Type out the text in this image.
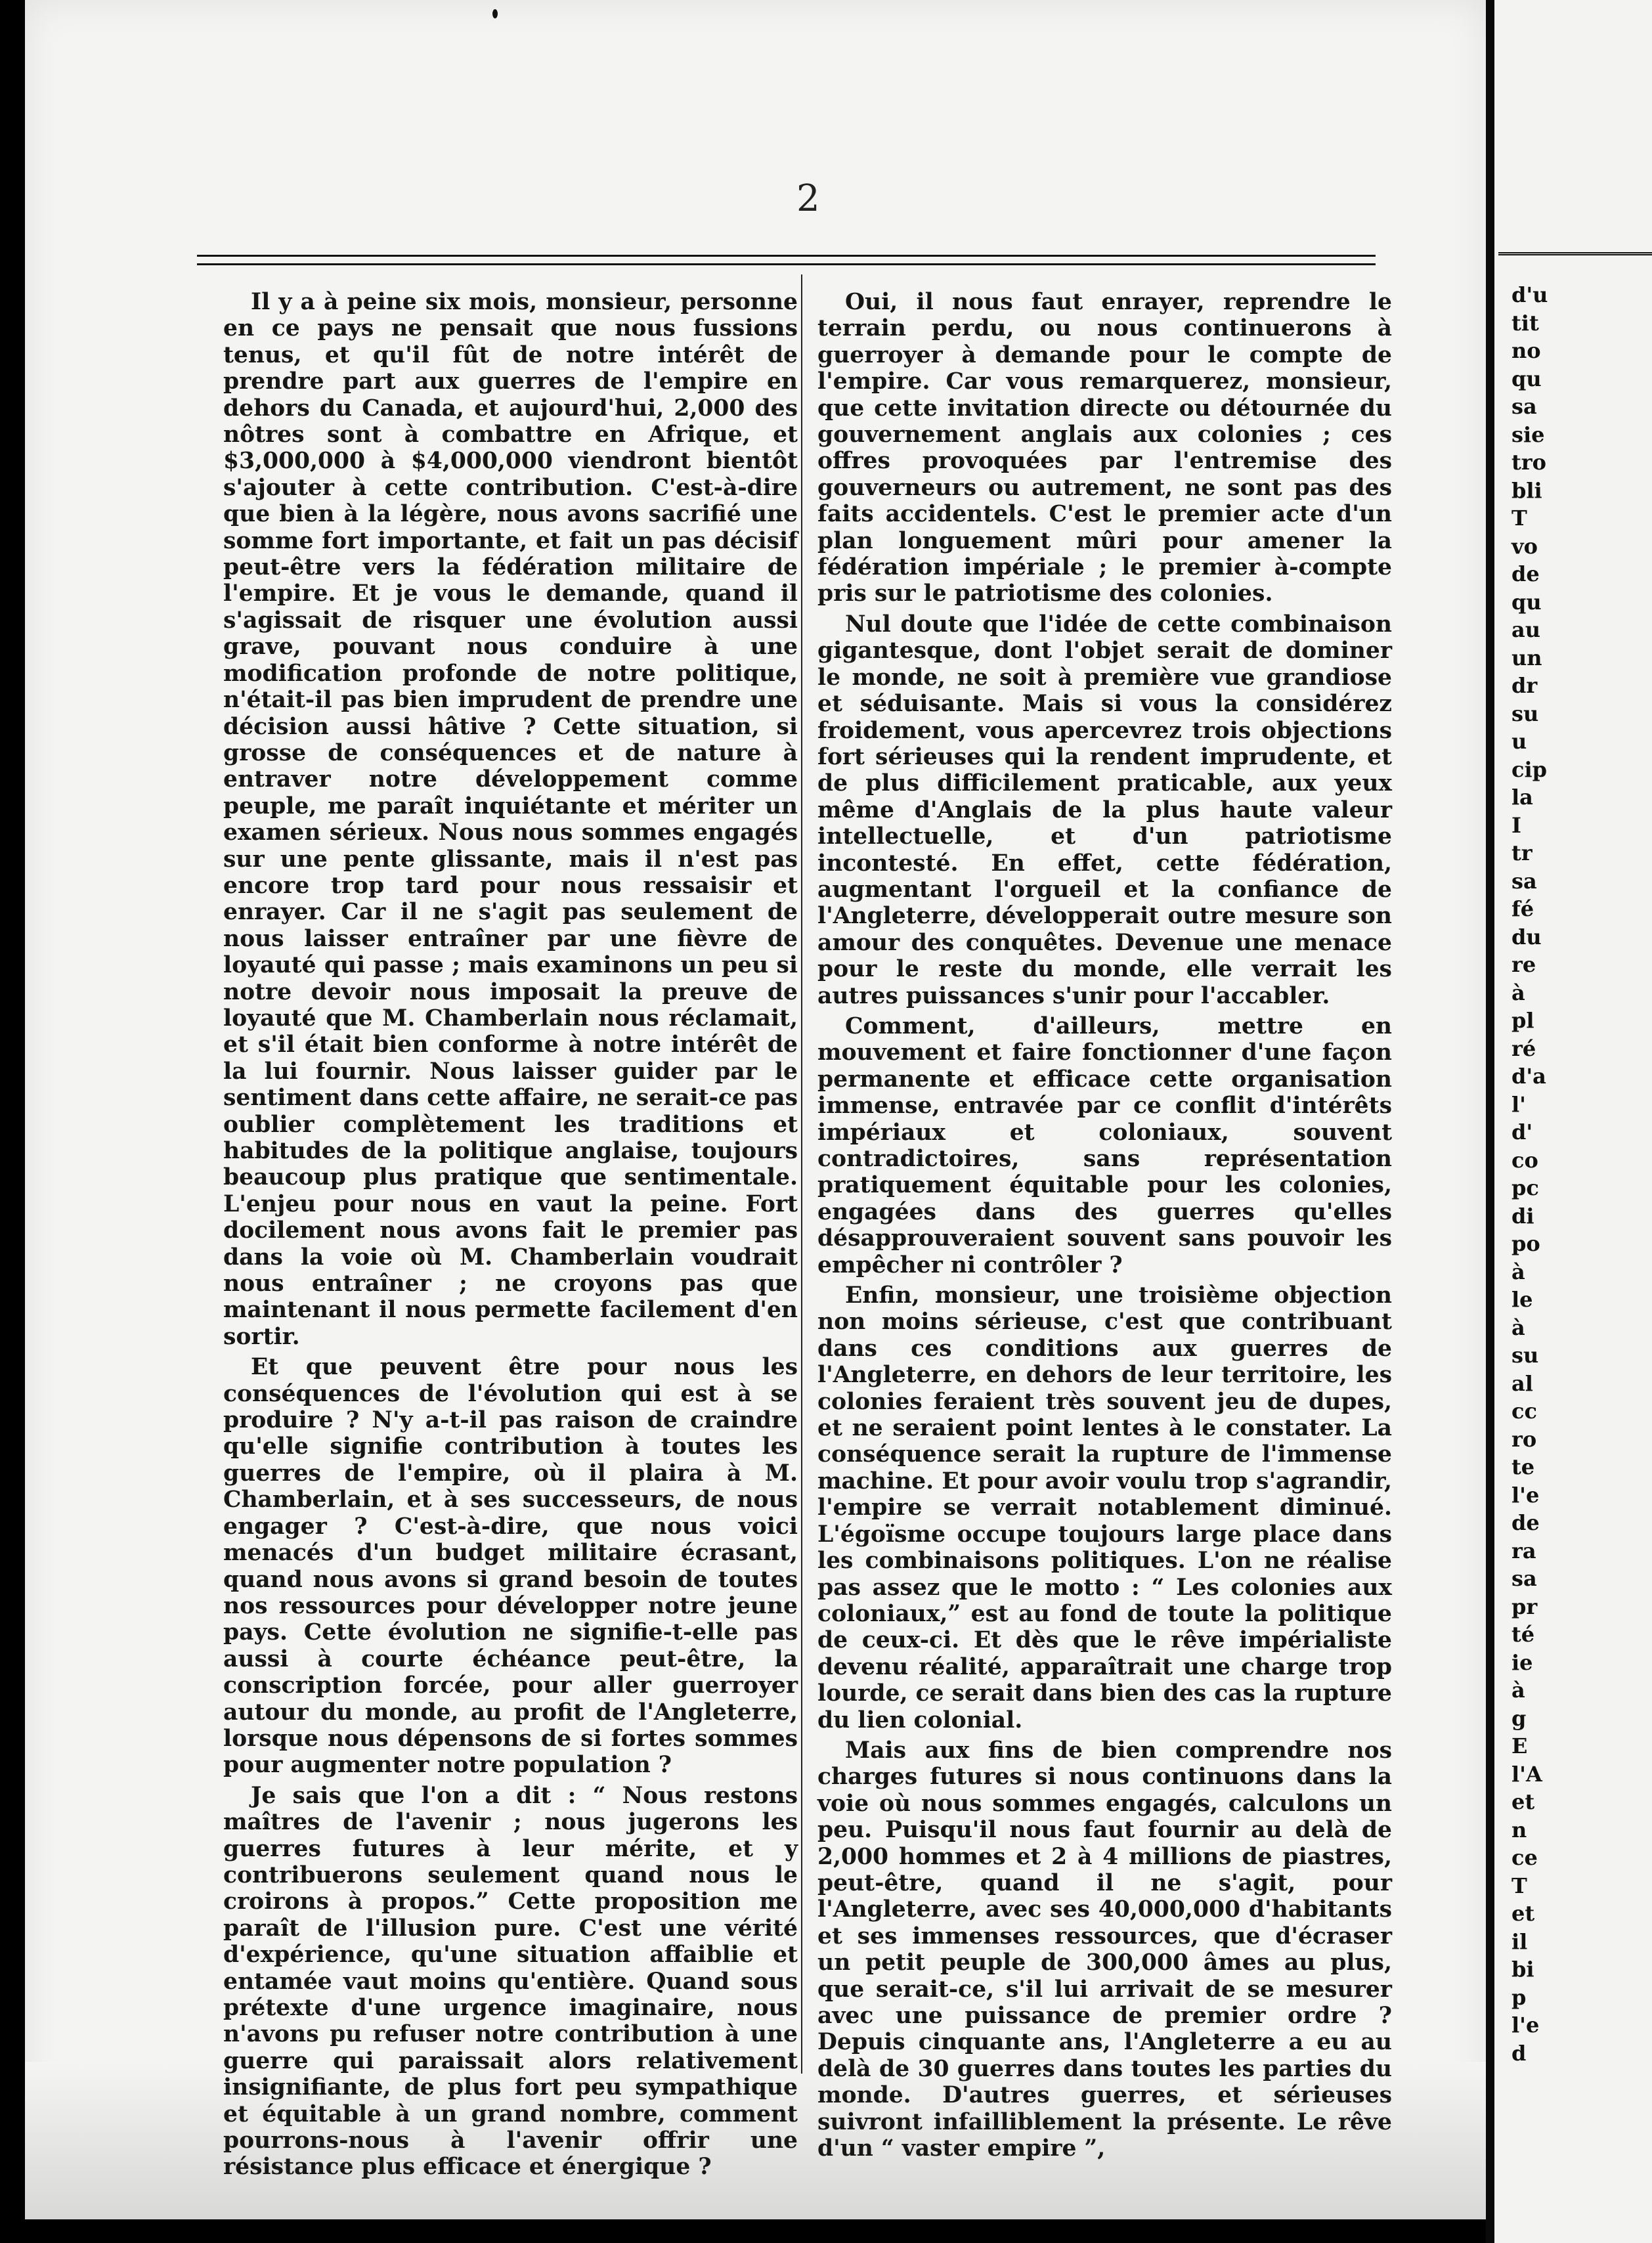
2

Il y a à peine six mois, monsieur, personne en ce pays ne pensait que nous fussions tenus, et qu'il fût de notre intérêt de prendre part aux guerres de l'empire en dehors du Canada, et aujourd'hui, 2,000 des nôtres sont à combattre en Afrique, et $3,000,000 à $4,000,000 viendront bientôt s'ajouter à cette contribution. C'est-à-dire que bien à la légère, nous avons sacrifié une somme fort importante, et fait un pas décisif peut-être vers la fédération militaire de l'empire. Et je vous le demande, quand il s'agissait de risquer une évolution aussi grave, pouvant nous conduire à une modification profonde de notre politique, n'était-il pas bien imprudent de prendre une décision aussi hâtive ? Cette situation, si grosse de conséquences et de nature à entraver notre développement comme peuple, me paraît inquiétante et mériter un examen sérieux. Nous nous sommes engagés sur une pente glissante, mais il n'est pas encore trop tard pour nous ressaisir et enrayer. Car il ne s'agit pas seulement de nous laisser entraîner par une fièvre de loyauté qui passe ; mais examinons un peu si notre devoir nous imposait la preuve de loyauté que M. Chamberlain nous réclamait, et s'il était bien conforme à notre intérêt de la lui fournir. Nous laisser guider par le sentiment dans cette affaire, ne serait-ce pas oublier complètement les traditions et habitudes de la politique anglaise, toujours beaucoup plus pratique que sentimentale. L'enjeu pour nous en vaut la peine. Fort docilement nous avons fait le premier pas dans la voie où M. Chamberlain voudrait nous entraîner ; ne croyons pas que maintenant il nous permette facilement d'en sortir.

Et que peuvent être pour nous les conséquences de l'évolution qui est à se produire ? N'y a-t-il pas raison de craindre qu'elle signifie contribution à toutes les guerres de l'empire, où il plaira à M. Chamberlain, et à ses successeurs, de nous engager ? C'est-à-dire, que nous voici menacés d'un budget militaire écrasant, quand nous avons si grand besoin de toutes nos ressources pour développer notre jeune pays. Cette évolution ne signifie-t-elle pas aussi à courte échéance peut-être, la conscription forcée, pour aller guerroyer autour du monde, au profit de l'Angleterre, lorsque nous dépensons de si fortes sommes pour augmenter notre population ?

Je sais que l'on a dit : “ Nous restons maîtres de l'avenir ; nous jugerons les guerres futures à leur mérite, et y contribuerons seulement quand nous le croirons à propos.” Cette proposition me paraît de l'illusion pure. C'est une vérité d'expérience, qu'une situation affaiblie et entamée vaut moins qu'entière. Quand sous prétexte d'une urgence imaginaire, nous n'avons pu refuser notre contribution à une guerre qui paraissait alors relativement insignifiante, de plus fort peu sympathique et équitable à un grand nombre, comment pourrons-nous à l'avenir offrir une résistance plus efficace et énergique ?

Oui, il nous faut enrayer, reprendre le terrain perdu, ou nous continuerons à guerroyer à demande pour le compte de l'empire. Car vous remarquerez, monsieur, que cette invitation directe ou détournée du gouvernement anglais aux colonies ; ces offres provoquées par l'entremise des gouverneurs ou autrement, ne sont pas des faits accidentels. C'est le premier acte d'un plan longuement mûri pour amener la fédération impériale ; le premier à-compte pris sur le patriotisme des colonies.

Nul doute que l'idée de cette combinaison gigantesque, dont l'objet serait de dominer le monde, ne soit à première vue grandiose et séduisante. Mais si vous la considérez froidement, vous apercevrez trois objections fort sérieuses qui la rendent imprudente, et de plus difficilement praticable, aux yeux même d'Anglais de la plus haute valeur intellectuelle, et d'un patriotisme incontesté. En effet, cette fédération, augmentant l'orgueil et la confiance de l'Angleterre, développerait outre mesure son amour des conquêtes. Devenue une menace pour le reste du monde, elle verrait les autres puissances s'unir pour l'accabler.

Comment, d'ailleurs, mettre en mouvement et faire fonctionner d'une façon permanente et efficace cette organisation immense, entravée par ce conflit d'intérêts impériaux et coloniaux, souvent contradictoires, sans représentation pratiquement équitable pour les colonies, engagées dans des guerres qu'elles désapprouveraient souvent sans pouvoir les empêcher ni contrôler ?

Enfin, monsieur, une troisième objection non moins sérieuse, c'est que contribuant dans ces conditions aux guerres de l'Angleterre, en dehors de leur territoire, les colonies feraient très souvent jeu de dupes, et ne seraient point lentes à le constater. La conséquence serait la rupture de l'immense machine. Et pour avoir voulu trop s'agrandir, l'empire se verrait notablement diminué. L'égoïsme occupe toujours large place dans les combinaisons politiques. L'on ne réalise pas assez que le motto : “ Les colonies aux coloniaux,” est au fond de toute la politique de ceux-ci. Et dès que le rêve impérialiste devenu réalité, apparaîtrait une charge trop lourde, ce serait dans bien des cas la rupture du lien colonial.

Mais aux fins de bien comprendre nos charges futures si nous continuons dans la voie où nous sommes engagés, calculons un peu. Puisqu'il nous faut fournir au delà de 2,000 hommes et 2 à 4 millions de piastres, peut-être, quand il ne s'agit, pour l'Angleterre, avec ses 40,000,000 d'habitants et ses immenses ressources, que d'écraser un petit peuple de 300,000 âmes au plus, que serait-ce, s'il lui arrivait de se mesurer avec une puissance de premier ordre ? Depuis cinquante ans, l'Angleterre a eu au delà de 30 guerres dans toutes les parties du monde. D'autres guerres, et sérieuses suivront infailliblement la présente. Le rêve d'un “ vaster empire ”,

d'u
tit
no
qu
sa
sie
tro
bli
T
vo
de
qu
au
un
dr
su
u
cip
la
I
tr
sa
fé
du
re
à
pl
ré
d'a
l'
d'
co
pc
di
po
à
le
à
su
al
cc
ro
te
l'e
de
ra
sa
pr
té
ie
à
g
E
l'A
et
n
ce
T
et
il
bi
p
l'e
d
